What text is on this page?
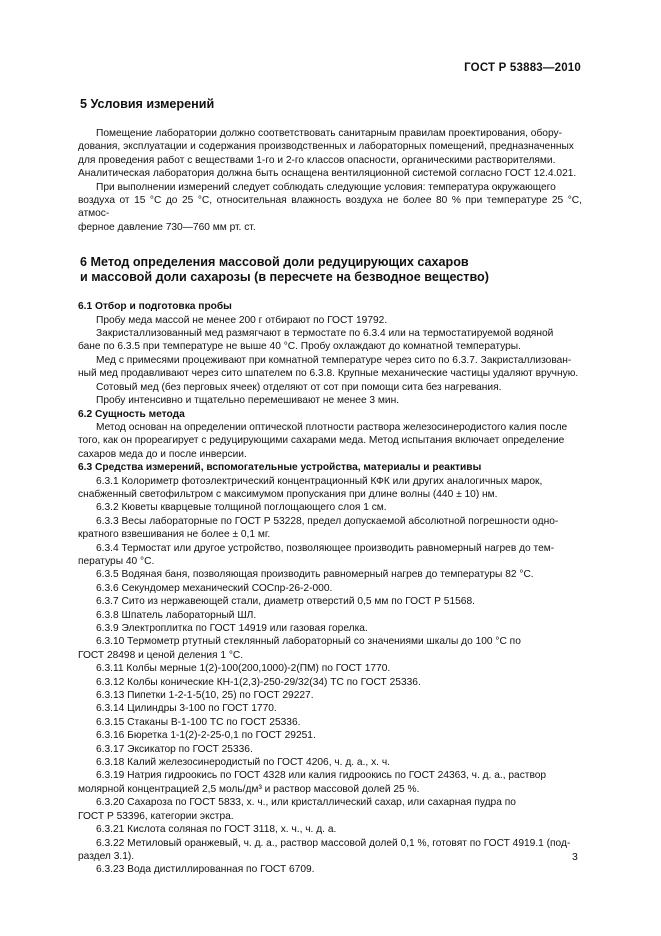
ГОСТ Р 53883—2010
5 Условия измерений

Помещение лаборатории должно соответствовать санитарным правилам проектирования, обору-

дования, эксплуатации и содержания производственных и лабораторных помещений, предназначенных

для проведения работ с веществами 1-го и 2-го классов опасности, органическими растворителями.

Аналитическая лаборатория должна быть оснащена вентиляционной системой согласно ГОСТ 12.4.021.

При выполнении измерений следует соблюдать следующие условия: температура окружающего

воздуха от 15 °С до 25 °С, относительная влажность воздуха не более 80 % при температуре 25 °С, атмос-

ферное давление 730—760 мм рт. ст.

6 Метод определения массовой доли редуцирующих сахаров
и массовой доли сахарозы (в пересчете на безводное вещество)

6.1 Отбор и подготовка пробы

Пробу меда массой не менее 200 г отбирают по ГОСТ 19792.

Закристаллизованный мед размягчают в термостате по 6.3.4 или на термостатируемой водяной

бане по 6.3.5 при температуре не выше 40 °С. Пробу охлаждают до комнатной температуры.

Мед с примесями процеживают при комнатной температуре через сито по 6.3.7. Закристаллизован-

ный мед продавливают через сито шпателем по 6.3.8. Крупные механические частицы удаляют вручную.

Сотовый мед (без перговых ячеек) отделяют от сот при помощи сита без нагревания.

Пробу интенсивно и тщательно перемешивают не менее 3 мин.

6.2 Сущность метода

Метод основан на определении оптической плотности раствора железосинеродистого калия после

того, как он прореагирует с редуцирующими сахарами меда. Метод испытания включает определение

сахаров меда до и после инверсии.

6.3 Средства измерений, вспомогательные устройства, материалы и реактивы

6.3.1 Колориметр фотоэлектрический концентрационный КФК или других аналогичных марок,

снабженный светофильтром с максимумом пропускания при длине волны (440 ± 10) нм.

6.3.2 Кюветы кварцевые толщиной поглощающего слоя 1 см.

6.3.3 Весы лабораторные по ГОСТ Р 53228, предел допускаемой абсолютной погрешности одно-

кратного взвешивания не более ± 0,1 мг.

6.3.4 Термостат или другое устройство, позволяющее производить равномерный нагрев до тем-

пературы 40 °С.

6.3.5 Водяная баня, позволяющая производить равномерный нагрев до температуры 82 °С.

6.3.6 Секундомер механический СОСпр-26-2-000.

6.3.7 Сито из нержавеющей стали, диаметр отверстий 0,5 мм по ГОСТ Р 51568.

6.3.8 Шпатель лабораторный ШЛ.

6.3.9 Электроплитка по ГОСТ 14919 или газовая горелка.

6.3.10 Термометр ртутный стеклянный лабораторный со значениями шкалы до 100 °С по

ГОСТ 28498 и ценой деления 1 °С.

6.3.11 Колбы мерные 1(2)-100(200,1000)-2(ПМ) по ГОСТ 1770.

6.3.12 Колбы конические КН-1(2,3)-250-29/32(34) ТС по ГОСТ 25336.

6.3.13 Пипетки 1-2-1-5(10, 25) по ГОСТ 29227.

6.3.14 Цилиндры 3-100 по ГОСТ 1770.

6.3.15 Стаканы В-1-100 ТС по ГОСТ 25336.

6.3.16 Бюретка 1-1(2)-2-25-0,1 по ГОСТ 29251.

6.3.17 Эксикатор по ГОСТ 25336.

6.3.18 Калий железосинеродистый по ГОСТ 4206, ч. д. а., х. ч.

6.3.19 Натрия гидроокись по ГОСТ 4328 или калия гидроокись по ГОСТ 24363, ч. д. а., раствор

молярной концентрацией 2,5 моль/дм³ и раствор массовой долей 25 %.

6.3.20 Сахароза по ГОСТ 5833, х. ч., или кристаллический сахар, или сахарная пудра по

ГОСТ Р 53396, категории экстра.

6.3.21 Кислота соляная по ГОСТ 3118, х. ч., ч. д. а.

6.3.22 Метиловый оранжевый, ч. д. а., раствор массовой долей 0,1 %, готовят по ГОСТ 4919.1 (под-

раздел 3.1).

6.3.23 Вода дистиллированная по ГОСТ 6709.

3
